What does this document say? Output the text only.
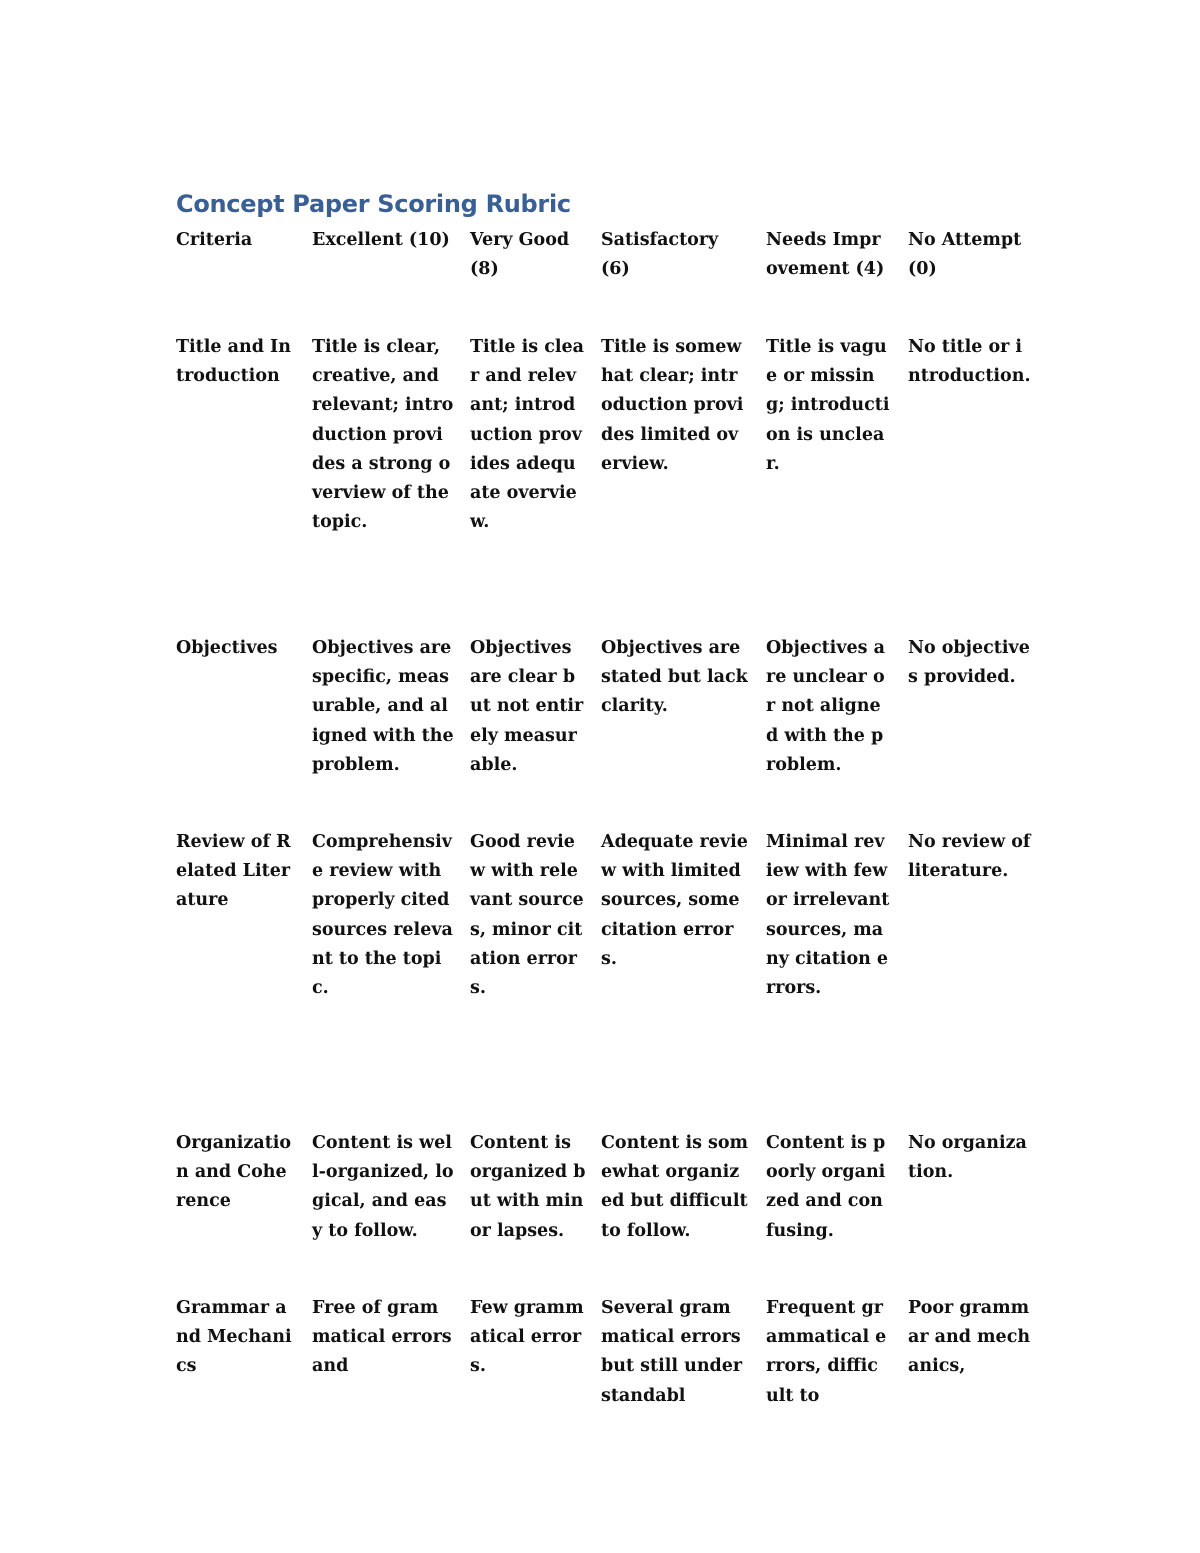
Concept Paper Scoring Rubric
Criteria	Excellent (10) Very Good (8)
Satisfactory (6)
Needs Improvement (4)
No Attempt (0)
Title and Introduction
Title is clear, creative, and relevant; introduction provides a strong overview of the topic.
Title is clear and relevant; introduction provides adequate overview.
Title is somewhat clear; introduction provides limited overview.
Title is vague or missing; introduction is unclear.
No title or introduction.
Objectives	Objectives are specific, measurable, and aligned with the problem.
Objectives are clear but not entirely measurable.
Objectives are stated but lack clarity.
Objectives are unclear or not aligned with the problem.
No objectives provided.
Review of Related Literature
Comprehensive review with properly cited sources relevant to the topic.
Good review with relevant sources, minor citation errors.
Adequate review with limited sources, some citation errors.
Minimal review with few or irrelevant sources, many citation errors.
No review of literature.
Organization and Coherence
Content is well-organized, logical, and easy to follow.
Content is organized but with minor lapses.
Content is somewhat organized but difficult to follow.
Content is poorly organized and confusing.
No organization.
Grammar and Mechanics
Free of grammatical errors and
Few grammatical errors.
Several grammatical errors but still understandabl
Frequent grammatical errors, difficult to
Poor grammar and mechanics,
